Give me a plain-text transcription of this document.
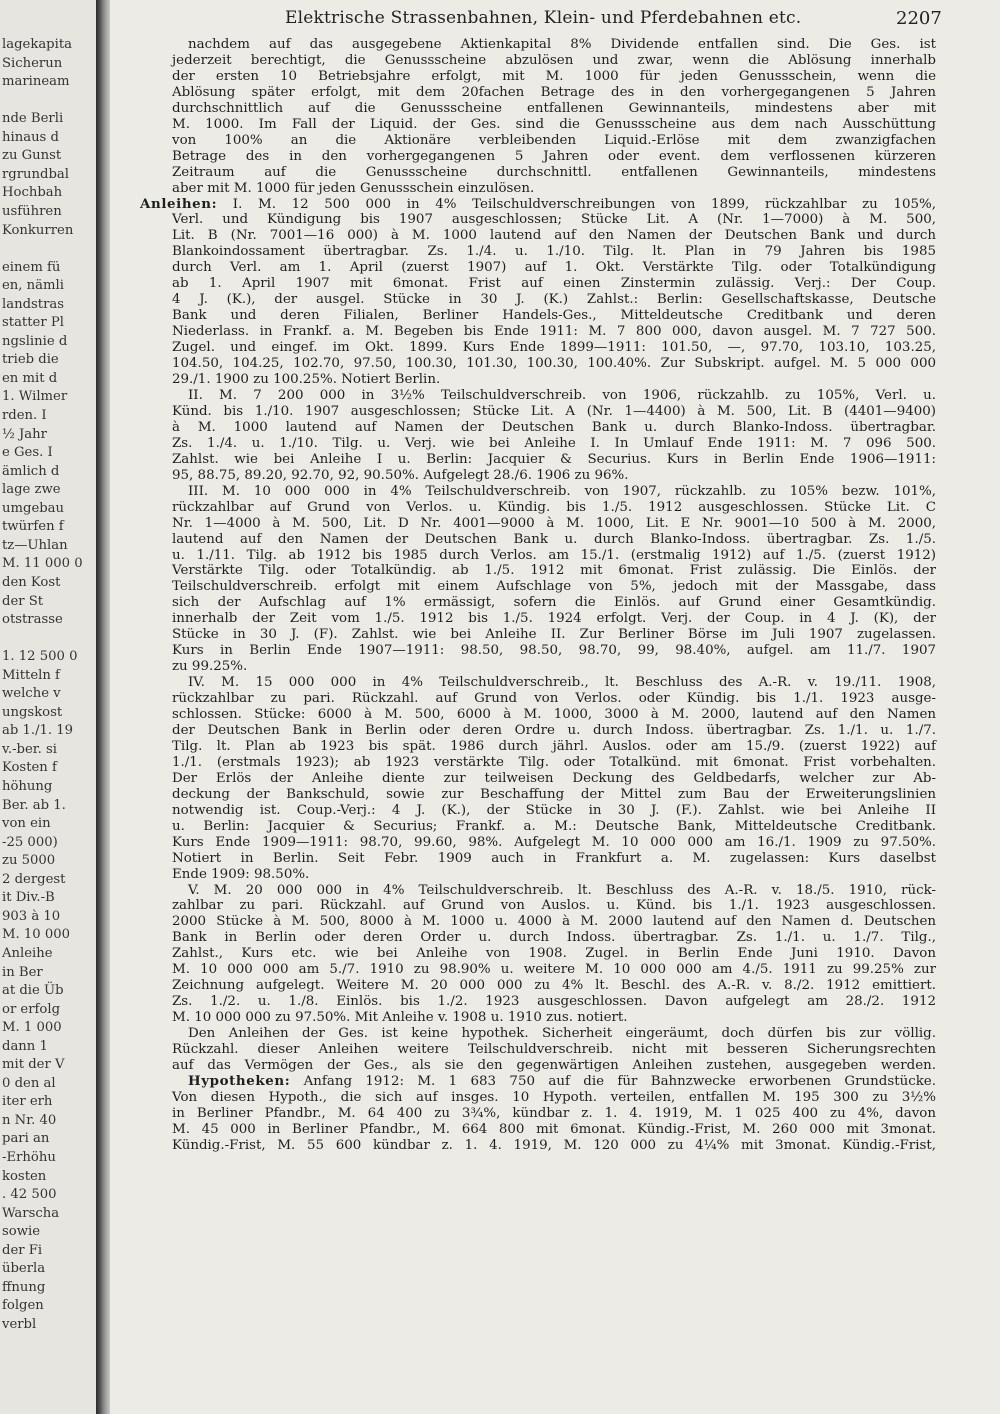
lagekapita
Sicherun
marineam
nde Berli
hinaus d
zu Gunst
rgrundbal
Hochbah
usführen
Konkurren
einem fü
en, nämli
landstras
statter Pl
ngslinie d
trieb die
en mit d
1. Wilmer
rden. I
½ Jahr
e Ges. I
ämlich d
lage zwe
umgebau
twürfen f
tz—Uhlan
M. 11 000 0
den Kost
der St
otstrasse
1. 12 500 0
Mitteln f
welche v
ungskost
ab 1./1. 19
v.-ber. si
Kosten f
höhung
Ber. ab 1.
von ein
-25 000)
zu 5000
2 dergest
it Div.-B
903 à 10
M. 10 000
Anleihe
in Ber
at die Üb
or erfolg
M. 1 000
dann 1
mit der V
0 den al
iter erh
n Nr. 40
pari an
-Erhöhu
kosten
. 42 500
Warscha
sowie
der Fi
überla
ffnung
folgen
verbl
Elektrische Strassenbahnen, Klein- und Pferdebahnen etc.	2207
nachdem auf das ausgegebene Aktienkapital 8% Dividende entfallen sind. Die Ges. ist
jederzeit berechtigt, die Genussscheine abzulösen und zwar, wenn die Ablösung innerhalb
der ersten 10 Betriebsjahre erfolgt, mit M. 1000 für jeden Genussschein, wenn die
Ablösung später erfolgt, mit dem 20fachen Betrage des in den vorhergegangenen 5 Jahren
durchschnittlich auf die Genussscheine entfallenen Gewinnanteils, mindestens aber mit
M. 1000. Im Fall der Liquid. der Ges. sind die Genussscheine aus dem nach Ausschüttung
von 100% an die Aktionäre verbleibenden Liquid.-Erlöse mit dem zwanzigfachen
Betrage des in den vorhergegangenen 5 Jahren oder event. dem verflossenen kürzeren
Zeitraum auf die Genussscheine durchschnittl. entfallenen Gewinnanteils, mindestens
aber mit M. 1000 für jeden Genussschein einzulösen.
Anleihen: I. M. 12 500 000 in 4% Teilschuldverschreibungen von 1899, rückzahlbar zu 105%,
Verl. und Kündigung bis 1907 ausgeschlossen; Stücke Lit. A (Nr. 1—7000) à M. 500,
Lit. B (Nr. 7001—16 000) à M. 1000 lautend auf den Namen der Deutschen Bank und durch
Blankoindossament übertragbar. Zs. 1./4. u. 1./10. Tilg. lt. Plan in 79 Jahren bis 1985
durch Verl. am 1. April (zuerst 1907) auf 1. Okt. Verstärkte Tilg. oder Totalkündigung
ab 1. April 1907 mit 6monat. Frist auf einen Zinstermin zulässig. Verj.: Der Coup.
4 J. (K.), der ausgel. Stücke in 30 J. (K.) Zahlst.: Berlin: Gesellschaftskasse, Deutsche
Bank und deren Filialen, Berliner Handels-Ges., Mitteldeutsche Creditbank und deren
Niederlass. in Frankf. a. M. Begeben bis Ende 1911: M. 7 800 000, davon ausgel. M. 7 727 500.
Zugel. und eingef. im Okt. 1899. Kurs Ende 1899—1911: 101.50, —, 97.70, 103.10, 103.25,
104.50, 104.25, 102.70, 97.50, 100.30, 101.30, 100.30, 100.40%. Zur Subskript. aufgel. M. 5 000 000
29./1. 1900 zu 100.25%. Notiert Berlin.
II. M. 7 200 000 in 3½% Teilschuldverschreib. von 1906, rückzahlb. zu 105%, Verl. u.
Künd. bis 1./10. 1907 ausgeschlossen; Stücke Lit. A (Nr. 1—4400) à M. 500, Lit. B (4401—9400)
à M. 1000 lautend auf Namen der Deutschen Bank u. durch Blanko-Indoss. übertragbar.
Zs. 1./4. u. 1./10. Tilg. u. Verj. wie bei Anleihe I. In Umlauf Ende 1911: M. 7 096 500.
Zahlst. wie bei Anleihe I u. Berlin: Jacquier & Securius. Kurs in Berlin Ende 1906—1911:
95, 88.75, 89.20, 92.70, 92, 90.50%. Aufgelegt 28./6. 1906 zu 96%.
III. M. 10 000 000 in 4% Teilschuldverschreib. von 1907, rückzahlb. zu 105% bezw. 101%,
rückzahlbar auf Grund von Verlos. u. Kündig. bis 1./5. 1912 ausgeschlossen. Stücke Lit. C
Nr. 1—4000 à M. 500, Lit. D Nr. 4001—9000 à M. 1000, Lit. E Nr. 9001—10 500 à M. 2000,
lautend auf den Namen der Deutschen Bank u. durch Blanko-Indoss. übertragbar. Zs. 1./5.
u. 1./11. Tilg. ab 1912 bis 1985 durch Verlos. am 15./1. (erstmalig 1912) auf 1./5. (zuerst 1912)
Verstärkte Tilg. oder Totalkündig. ab 1./5. 1912 mit 6monat. Frist zulässig. Die Einlös. der
Teilschuldverschreib. erfolgt mit einem Aufschlage von 5%, jedoch mit der Massgabe, dass
sich der Aufschlag auf 1% ermässigt, sofern die Einlös. auf Grund einer Gesamtkündig.
innerhalb der Zeit vom 1./5. 1912 bis 1./5. 1924 erfolgt. Verj. der Coup. in 4 J. (K), der
Stücke in 30 J. (F). Zahlst. wie bei Anleihe II. Zur Berliner Börse im Juli 1907 zugelassen.
Kurs in Berlin Ende 1907—1911: 98.50, 98.50, 98.70, 99, 98.40%, aufgel. am 11./7. 1907
zu 99.25%.
IV. M. 15 000 000 in 4% Teilschuldverschreib., lt. Beschluss des A.-R. v. 19./11. 1908,
rückzahlbar zu pari. Rückzahl. auf Grund von Verlos. oder Kündig. bis 1./1. 1923 ausge-
schlossen. Stücke: 6000 à M. 500, 6000 à M. 1000, 3000 à M. 2000, lautend auf den Namen
der Deutschen Bank in Berlin oder deren Ordre u. durch Indoss. übertragbar. Zs. 1./1. u. 1./7.
Tilg. lt. Plan ab 1923 bis spät. 1986 durch jährl. Auslos. oder am 15./9. (zuerst 1922) auf
1./1. (erstmals 1923); ab 1923 verstärkte Tilg. oder Totalkünd. mit 6monat. Frist vorbehalten.
Der Erlös der Anleihe diente zur teilweisen Deckung des Geldbedarfs, welcher zur Ab-
deckung der Bankschuld, sowie zur Beschaffung der Mittel zum Bau der Erweiterungslinien
notwendig ist. Coup.-Verj.: 4 J. (K.), der Stücke in 30 J. (F.). Zahlst. wie bei Anleihe II
u. Berlin: Jacquier & Securius; Frankf. a. M.: Deutsche Bank, Mitteldeutsche Creditbank.
Kurs Ende 1909—1911: 98.70, 99.60, 98%. Aufgelegt M. 10 000 000 am 16./1. 1909 zu 97.50%.
Notiert in Berlin. Seit Febr. 1909 auch in Frankfurt a. M. zugelassen: Kurs daselbst
Ende 1909: 98.50%.
V. M. 20 000 000 in 4% Teilschuldverschreib. lt. Beschluss des A.-R. v. 18./5. 1910, rück-
zahlbar zu pari. Rückzahl. auf Grund von Auslos. u. Künd. bis 1./1. 1923 ausgeschlossen.
2000 Stücke à M. 500, 8000 à M. 1000 u. 4000 à M. 2000 lautend auf den Namen d. Deutschen
Bank in Berlin oder deren Order u. durch Indoss. übertragbar. Zs. 1./1. u. 1./7. Tilg.,
Zahlst., Kurs etc. wie bei Anleihe von 1908. Zugel. in Berlin Ende Juni 1910. Davon
M. 10 000 000 am 5./7. 1910 zu 98.90% u. weitere M. 10 000 000 am 4./5. 1911 zu 99.25% zur
Zeichnung aufgelegt. Weitere M. 20 000 000 zu 4% lt. Beschl. des A.-R. v. 8./2. 1912 emittiert.
Zs. 1./2. u. 1./8. Einlös. bis 1./2. 1923 ausgeschlossen. Davon aufgelegt am 28./2. 1912
M. 10 000 000 zu 97.50%. Mit Anleihe v. 1908 u. 1910 zus. notiert.
Den Anleihen der Ges. ist keine hypothek. Sicherheit eingeräumt, doch dürfen bis zur völlig.
Rückzahl. dieser Anleihen weitere Teilschuldverschreib. nicht mit besseren Sicherungsrechten
auf das Vermögen der Ges., als sie den gegenwärtigen Anleihen zustehen, ausgegeben werden.
Hypotheken: Anfang 1912: M. 1 683 750 auf die für Bahnzwecke erworbenen Grundstücke.
Von diesen Hypoth., die sich auf insges. 10 Hypoth. verteilen, entfallen M. 195 300 zu 3½%
in Berliner Pfandbr., M. 64 400 zu 3¾%, kündbar z. 1. 4. 1919, M. 1 025 400 zu 4%, davon
M. 45 000 in Berliner Pfandbr., M. 664 800 mit 6monat. Kündig.-Frist, M. 260 000 mit 3monat.
Kündig.-Frist, M. 55 600 kündbar z. 1. 4. 1919, M. 120 000 zu 4¼% mit 3monat. Kündig.-Frist,
